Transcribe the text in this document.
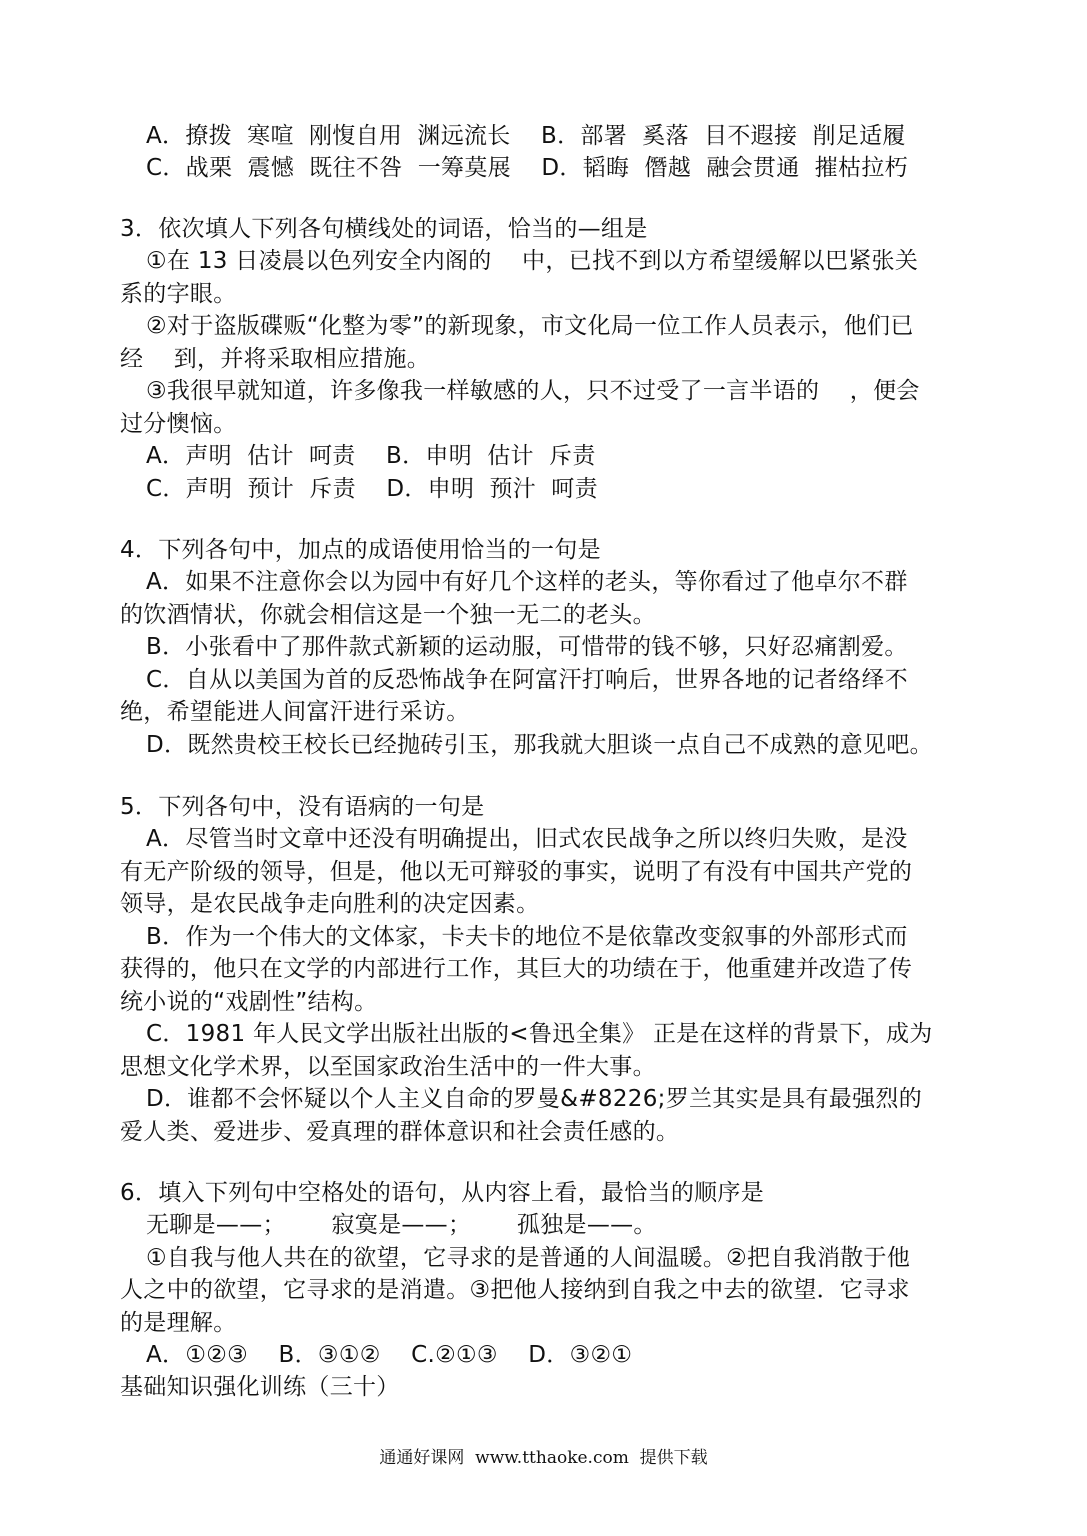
A．撩拨  寒喧  刚愎自用  渊远流长    B．部署  奚落  目不遐接  削足适履
C．战栗  震憾  既往不咎  一筹莫展    D．韬晦  僭越  融会贯通  摧枯拉朽
3．依次填人下列各句横线处的词语，恰当的—组是
①在 13 日凌晨以色列安全内阁的    中，已找不到以方希望缓解以巴紧张关
系的字眼。
②对于盗版碟贩“化整为零”的新现象，市文化局一位工作人员表示，他们已
经    到，并将采取相应措施。
③我很早就知道，许多像我一样敏感的人，只不过受了一言半语的    ，便会
过分懊恼。
A．声明  估计  呵责    B．申明  估计  斥责
C．声明  预计  斥责    D．申明  预汁  呵责
4．下列各句中，加点的成语使用恰当的一句是
A．如果不注意你会以为园中有好几个这样的老头，等你看过了他卓尔不群
的饮酒情状，你就会相信这是一个独一无二的老头。
B．小张看中了那件款式新颖的运动服，可惜带的钱不够，只好忍痛割爱。
C．自从以美国为首的反恐怖战争在阿富汗打响后，世界各地的记者络绎不
绝，希望能进人间富汗进行采访。
D．既然贵校王校长已经抛砖引玉，那我就大胆谈一点自己不成熟的意见吧。
5．下列各句中，没有语病的一句是
A．尽管当时文章中还没有明确提出，旧式农民战争之所以终归失败，是没
有无产阶级的领导，但是，他以无可辩驳的事实，说明了有没有中国共产党的
领导，是农民战争走向胜利的决定因素。
B．作为一个伟大的文体家，卡夫卡的地位不是依靠改变叙事的外部形式而
获得的，他只在文学的内部进行工作，其巨大的功绩在于，他重建并改造了传
统小说的“戏剧性”结构。
C．1981 年人民文学出版社出版的<鲁迅全集》 正是在这样的背景下，成为
思想文化学术界，以至国家政治生活中的一件大事。
D．谁都不会怀疑以个人主义自命的罗曼&#8226;罗兰其实是具有最强烈的
爱人类、爱进步、爱真理的群体意识和社会责任感的。
6．填入下列句中空格处的语句，从内容上看，最恰当的顺序是
无聊是——；      寂寞是——；      孤独是——。
①自我与他人共在的欲望，它寻求的是普通的人间温暖。②把自我消散于他
人之中的欲望，它寻求的是消遣。③把他人接纳到自我之中去的欲望．它寻求
的是理解。
A．①②③    B．③①②    C.②①③    D．③②①
基础知识强化训练（三十）
通通好课网  www.tthaoke.com  提供下载
